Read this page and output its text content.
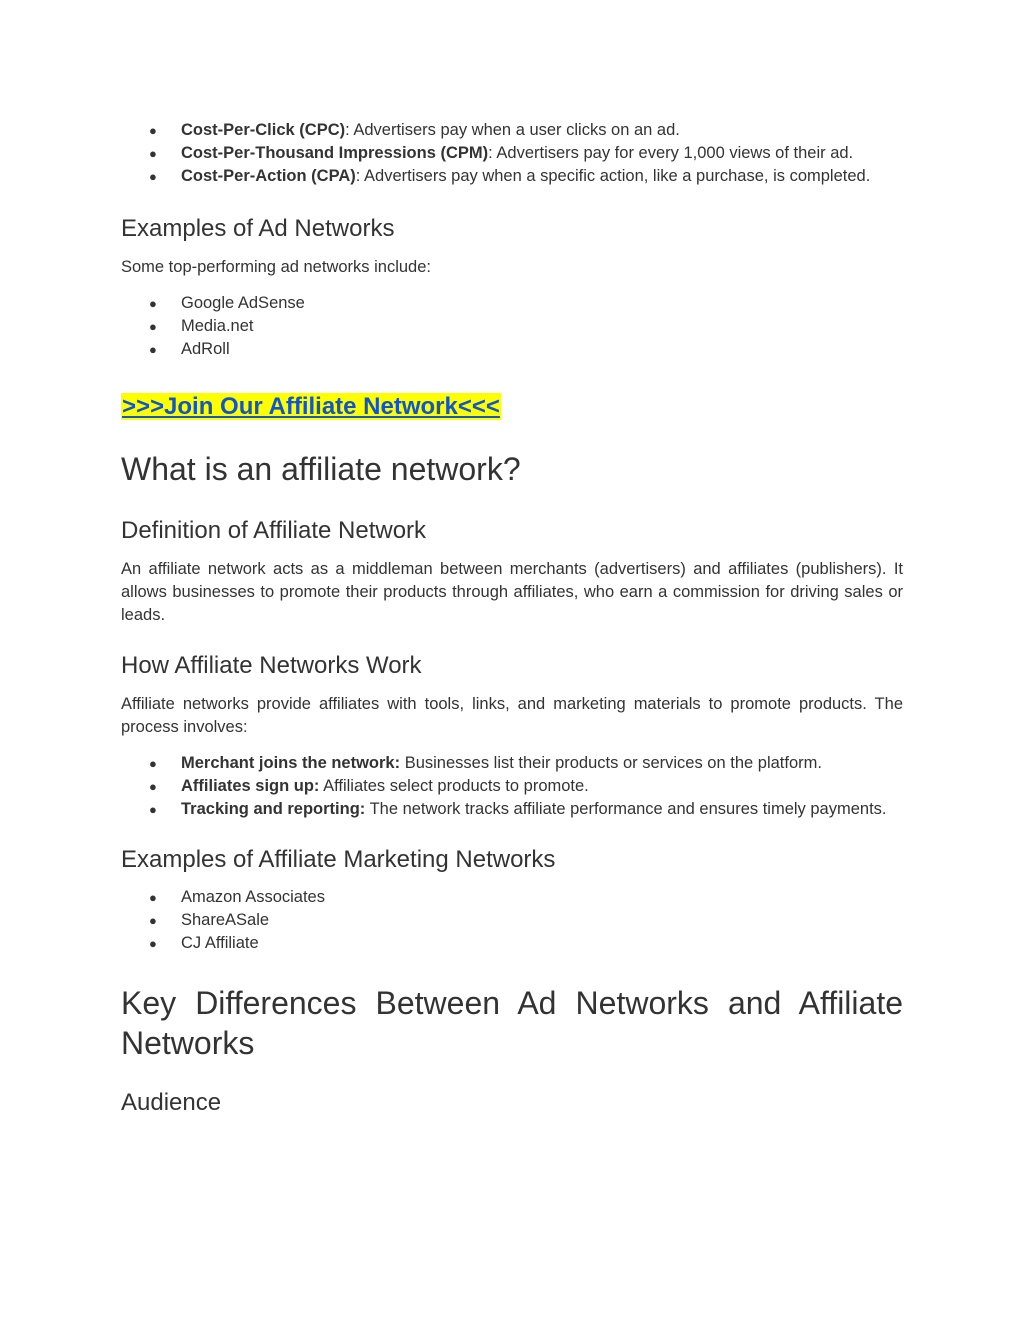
● Cost-Per-Click (CPC): Advertisers pay when a user clicks on an ad.
● Cost-Per-Thousand Impressions (CPM): Advertisers pay for every 1,000 views of their ad.
● Cost-Per-Action (CPA): Advertisers pay when a specific action, like a purchase, is completed.
Examples of Ad Networks

Some top-performing ad networks include:

● Google AdSense
● Media.net
● AdRoll
>>>Join Our Affiliate Network<<<
What is an affiliate network?
Definition of Affiliate Network

An affiliate network acts as a middleman between merchants (advertisers) and affiliates (publishers). It allows businesses to promote their products through affiliates, who earn a commission for driving sales or leads.

How Affiliate Networks Work

Affiliate networks provide affiliates with tools, links, and marketing materials to promote products. The process involves:

● Merchant joins the network: Businesses list their products or services on the platform.
● Affiliates sign up: Affiliates select products to promote.
● Tracking and reporting: The network tracks affiliate performance and ensures timely payments.
Examples of Affiliate Marketing Networks
● Amazon Associates
● ShareASale
● CJ Affiliate
Key Differences Between Ad Networks and Affiliate Networks
Audience
